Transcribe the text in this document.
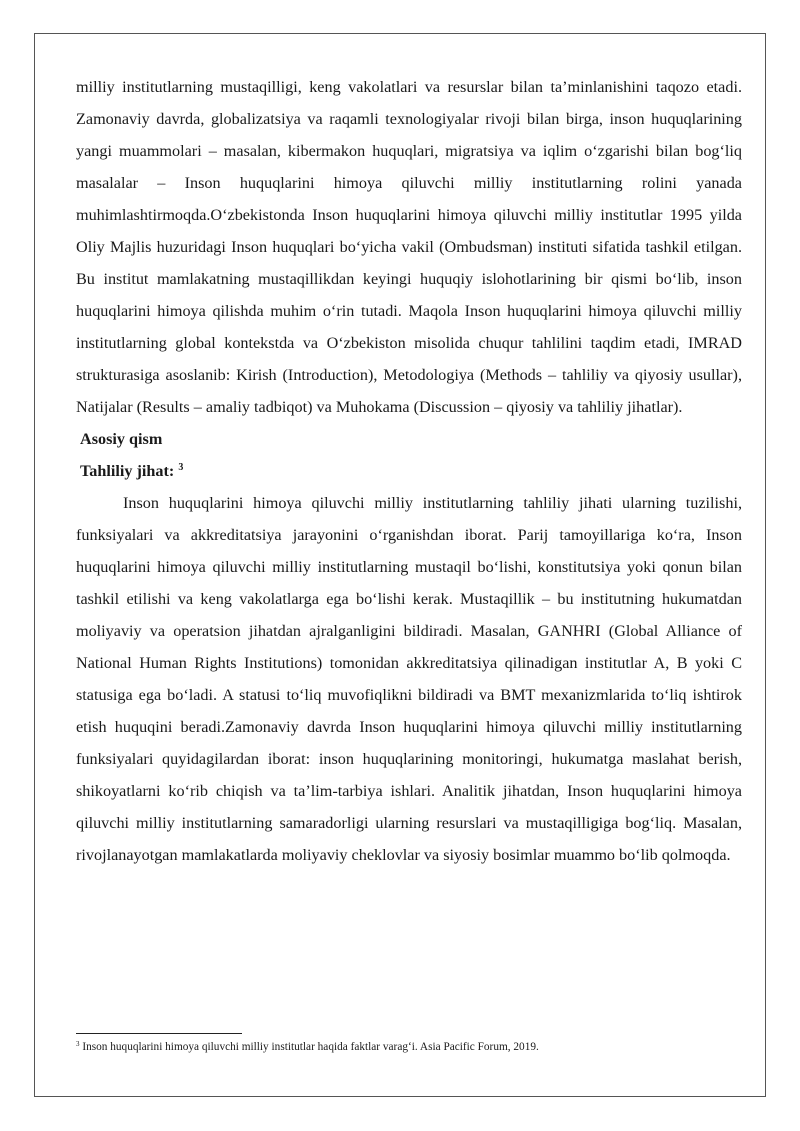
milliy institutlarning mustaqilligi, keng vakolatlari va resurslar bilan taʼminlanishini taqozo etadi. Zamonaviy davrda, globalizatsiya va raqamli texnologiyalar rivoji bilan birga, inson huquqlarining yangi muammolari – masalan, kibermakon huquqlari, migratsiya va iqlim oʻzgarishi bilan bogʻliq masalalar – Inson huquqlarini himoya qiluvchi milliy institutlarning rolini yanada muhimlashtirmoqda.Oʻzbekistonda Inson huquqlarini himoya qiluvchi milliy institutlar 1995 yilda Oliy Majlis huzuridagi Inson huquqlari boʻyicha vakil (Ombudsman) instituti sifatida tashkil etilgan. Bu institut mamlakatning mustaqillikdan keyingi huquqiy islohotlarining bir qismi boʻlib, inson huquqlarini himoya qilishda muhim oʻrin tutadi. Maqola Inson huquqlarini himoya qiluvchi milliy institutlarning global kontekstda va Oʻzbekiston misolida chuqur tahlilini taqdim etadi, IMRAD strukturasiga asoslanib: Kirish (Introduction), Metodologiya (Methods – tahliliy va qiyosiy usullar), Natijalar (Results – amaliy tadbiqot) va Muhokama (Discussion – qiyosiy va tahliliy jihatlar).

Asosiy qism

Tahliliy jihat: $^3$

Inson huquqlarini himoya qiluvchi milliy institutlarning tahliliy jihati ularning tuzilishi, funksiyalari va akkreditatsiya jarayonini oʻrganishdan iborat. Parij tamoyillariga koʻra, Inson huquqlarini himoya qiluvchi milliy institutlarning mustaqil boʻlishi, konstitutsiya yoki qonun bilan tashkil etilishi va keng vakolatlarga ega boʻlishi kerak. Mustaqillik – bu institutning hukumatdan moliyaviy va operatsion jihatdan ajralganligini bildiradi. Masalan, GANHRI (Global Alliance of National Human Rights Institutions) tomonidan akkreditatsiya qilinadigan institutlar A, B yoki C statusiga ega boʻladi. A statusi toʻliq muvofiqlikni bildiradi va BMT mexanizmlarida toʻliq ishtirok etish huquqini beradi.Zamonaviy davrda Inson huquqlarini himoya qiluvchi milliy institutlarning funksiyalari quyidagilardan iborat: inson huquqlarining monitoringi, hukumatga maslahat berish, shikoyatlarni koʻrib chiqish va taʼlim-tarbiya ishlari. Analitik jihatdan, Inson huquqlarini himoya qiluvchi milliy institutlarning samaradorligi ularning resurslari va mustaqilligiga bogʻliq. Masalan, rivojlanayotgan mamlakatlarda moliyaviy cheklovlar va siyosiy bosimlar muammo boʻlib qolmoqda.

$^3$ Inson huquqlarini himoya qiluvchi milliy institutlar haqida faktlar varagʻi. Asia Pacific Forum, 2019.
